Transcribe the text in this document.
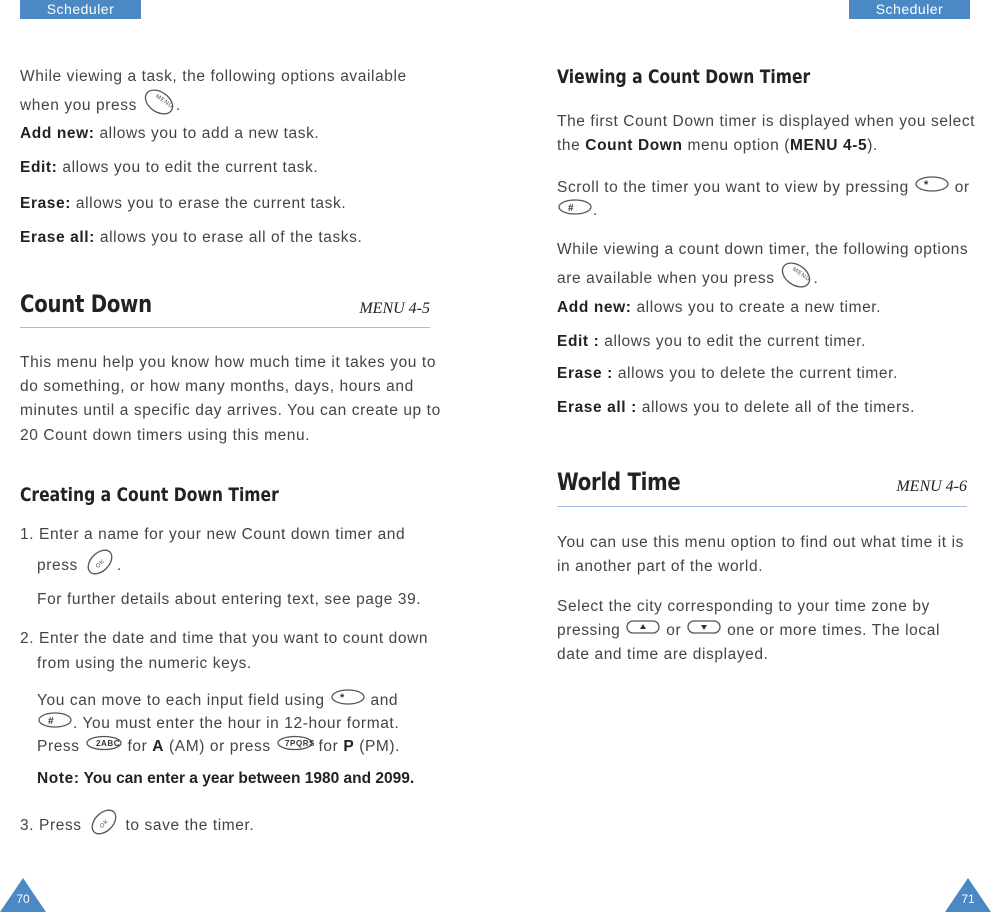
Scheduler	Scheduler

While viewing a task, the following options available

when you press	MENU .

Add new: allows you to add a new task.

Edit: allows you to edit the current task.

Erase: allows you to erase the current task.

Erase all: allows you to erase all of the tasks.

Count Down	MENU 4-5

This menu help you know how much time it takes you to

do something, or how many months, days, hours and

minutes until a specific day arrives. You can create up to

20 Count down timers using this menu.

Creating a Count Down Timer

1. Enter a name for your new Count down timer and

press	OK .

For further details about entering text, see page 39.

2. Enter the date and time that you want to count down

from using the numeric keys.

You can move to each input field using * and

# . You must enter the hour in 12-hour format.

Press 2ABC for A (AM) or press 7PQRS for P (PM).

Note: You can enter a year between 1980 and 2099.

3. Press	OK to save the timer.

70
Viewing a Count Down Timer

The first Count Down timer is displayed when you select

the Count Down menu option (MENU 4-5).

Scroll to the timer you want to view by pressing * or

# .

While viewing a count down timer, the following options

are available when you press	MENU .

Add new: allows you to create a new timer.

Edit : allows you to edit the current timer.

Erase : allows you to delete the current timer.

Erase all : allows you to delete all of the timers.

World Time	MENU 4-6

You can use this menu option to find out what time it is

in another part of the world.

Select the city corresponding to your time zone by

pressing	or	one or more times. The local

date and time are displayed.

71
